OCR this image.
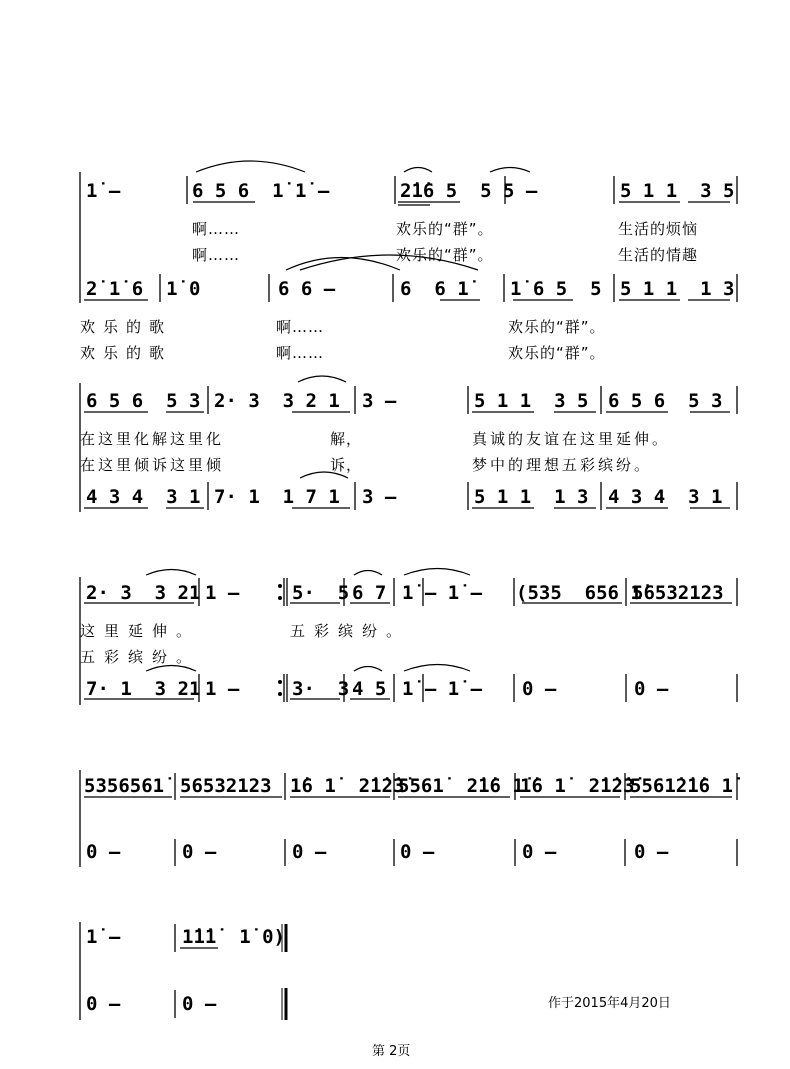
1̇ –	6 5 6  1̇ 1̇ –	2̇1̇6 5  5 5 –	5 1 1  3 5
啊……	欢乐的“群”。	生活的烦恼
啊……	欢乐的“群”。	生活的情趣
2̇ 1̇ 6  1̇ 0	6 6 –	6  6 1̇ 1̇ 6 5  5 5 1 1  1 3
欢乐的歌	啊……	欢乐的“群”。
欢乐的歌	啊……	欢乐的“群”。
6 5 6  5 3 2· 3  3 2 1 3 –	5 1 1  3 5 6 5 6  5 3
在这里化解这里化	解，	真诚的友谊在这里延伸。
在这里倾诉这里倾	诉，	梦中的理想五彩缤纷。
4 3 4  3 1 7· 1  1 7 1 3 –	5 1 1  1 3 4 3 4  3 1
2· 3  3 21 1 –	5·  5 6 7 1̇ – 1̇ – (535  656 1̇
56532123
这里延伸。	五彩缤纷。
五彩缤纷。
7· 1  3 21 1 –	3·  3 4 5 1̇ – 1̇ – 0 –	0 –
5356561̇ 56532123 1̇6 1̇  2̇1̇2̇3̇
5561̇  2̇1̇6 1̇
1̇6 1̇  2̇1̇2̇3̇
5561̇2̇1̇6 1̇
0 –	0 –	0 –	0 –	0 –	0 –
1̇ –	1̇1̇1̇  1̇ 0)
0 –	0 –	作于2015年4月20日
第 2页
